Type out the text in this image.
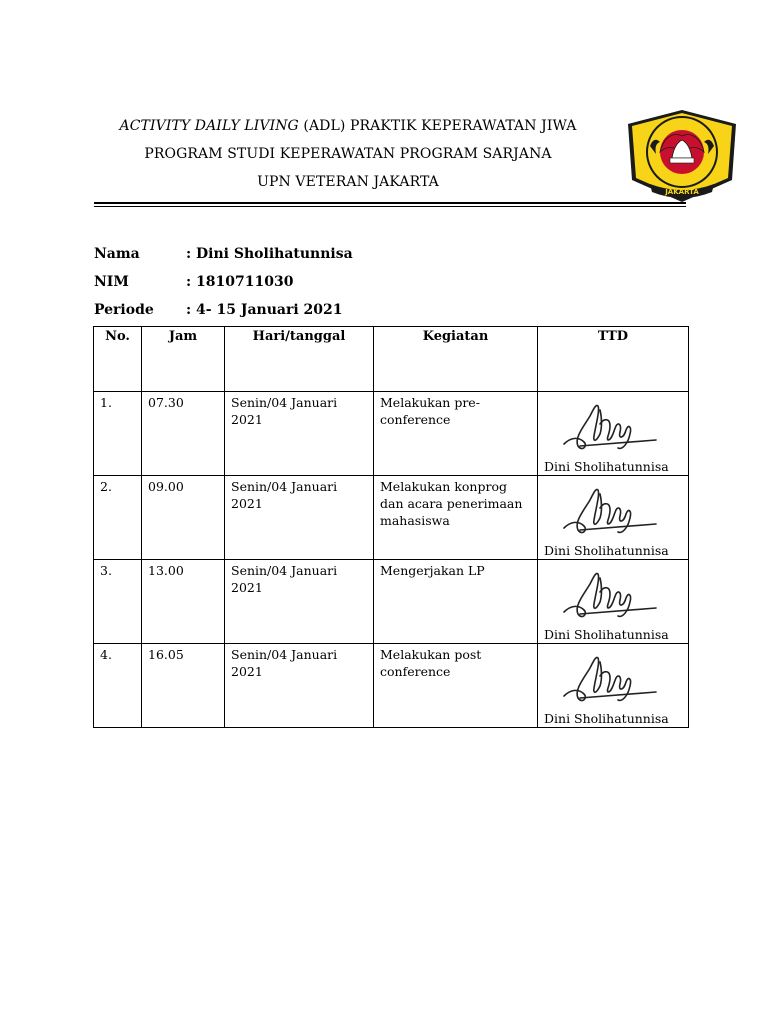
ACTIVITY DAILY LIVING (ADL) PRAKTIK KEPERAWATAN JIWA
PROGRAM STUDI KEPERAWATAN PROGRAM SARJANA
UPN VETERAN JAKARTA
JAKARTA
Nama	: Dini Sholihatunnisa
NIM	: 1810711030
Periode : 4- 15 Januari 2021
No.	Jam	Hari/tanggal	Kegiatan	TTD

1.	07.30	Senin/04 Januari 2021	Melakukan pre-conference	Dini Sholihatunnisa

2.	09.00	Senin/04 Januari 2021	Melakukan konprog dan acara penerimaan mahasiswa	Dini Sholihatunnisa

3.	13.00	Senin/04 Januari 2021	Mengerjakan LP	Dini Sholihatunnisa

4.	16.05	Senin/04 Januari 2021	Melakukan post conference	Dini Sholihatunnisa
